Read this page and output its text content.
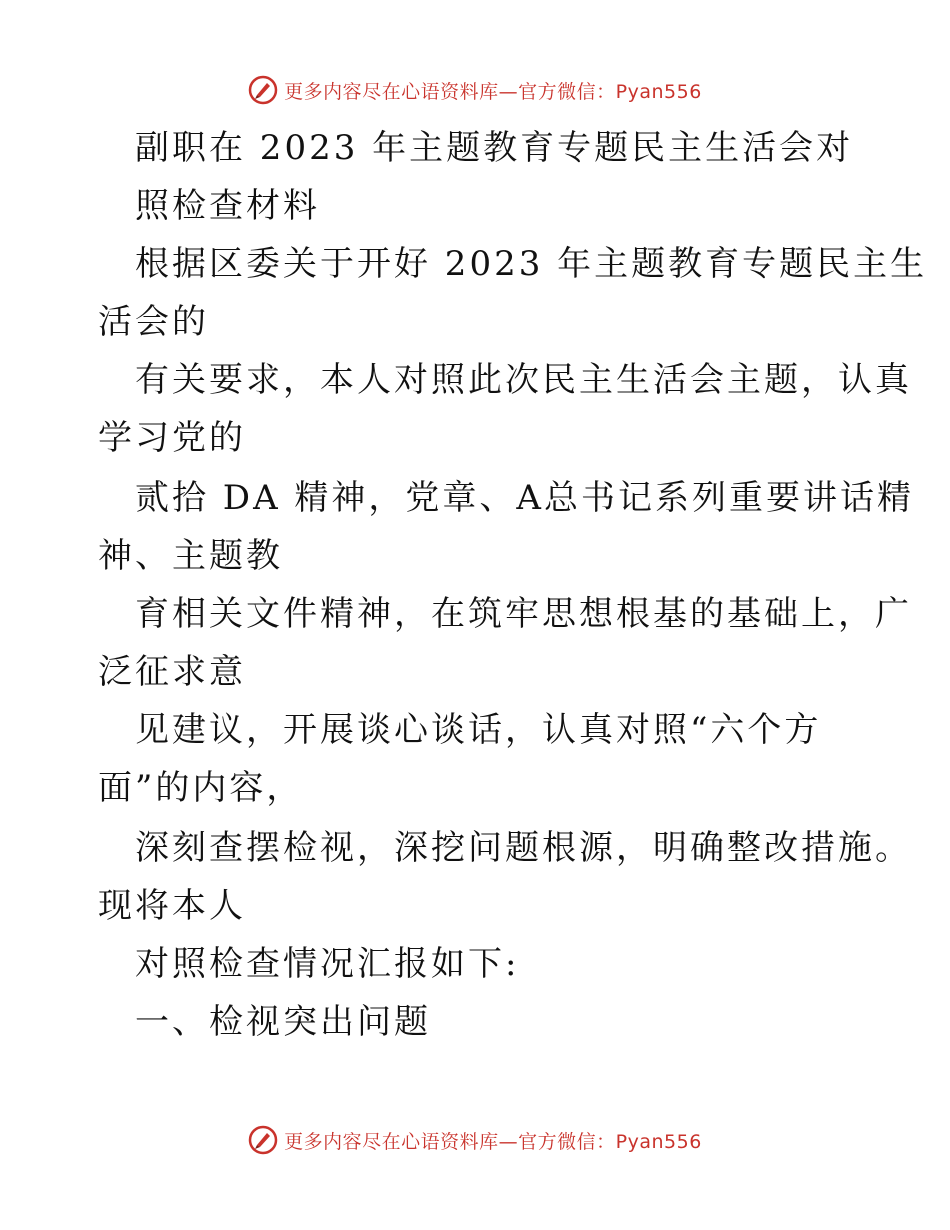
更多内容尽在心语资料库—官方微信：Pyan556
副职在 2023 年主题教育专题民主生活会对
照检查材料
根据区委关于开好 2023 年主题教育专题民主生
活会的
有关要求，本人对照此次民主生活会主题，认真
学习党的
贰拾 DA 精神，党章、A总书记系列重要讲话精
神、主题教
育相关文件精神，在筑牢思想根基的基础上，广
泛征求意
见建议，开展谈心谈话，认真对照“六个方
面”的内容，
深刻查摆检视，深挖问题根源，明确整改措施。
现将本人
对照检查情况汇报如下:
一、检视突出问题
更多内容尽在心语资料库—官方微信：Pyan556
